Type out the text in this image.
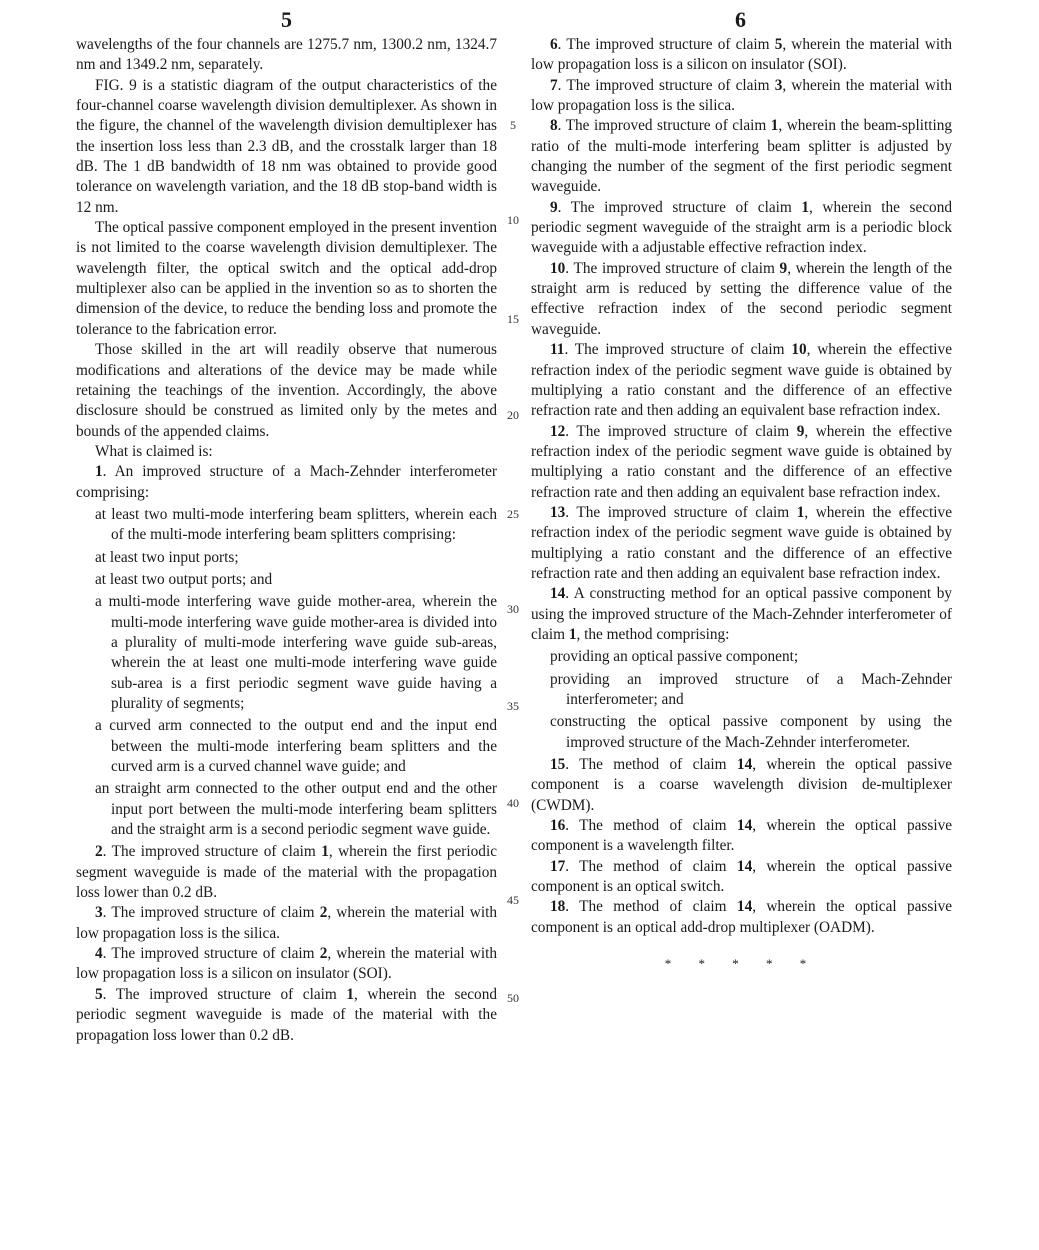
5	6

wavelengths of the four channels are 1275.7 nm, 1300.2 nm, 1324.7 nm and 1349.2 nm, separately.

FIG. 9 is a statistic diagram of the output characteristics of the four-channel coarse wavelength division demultiplexer. As shown in the figure, the channel of the wavelength division demultiplexer has the insertion loss less than 2.3 dB, and the crosstalk larger than 18 dB. The 1 dB bandwidth of 18 nm was obtained to provide good tolerance on wavelength variation, and the 18 dB stop-band width is 12 nm.

The optical passive component employed in the present invention is not limited to the coarse wavelength division demultiplexer. The wavelength filter, the optical switch and the optical add-drop multiplexer also can be applied in the invention so as to shorten the dimension of the device, to reduce the bending loss and promote the tolerance to the fabrication error.

Those skilled in the art will readily observe that numerous modifications and alterations of the device may be made while retaining the teachings of the invention. Accordingly, the above disclosure should be construed as limited only by the metes and bounds of the appended claims.

What is claimed is:

1. An improved structure of a Mach-Zehnder interferometer comprising:

at least two multi-mode interfering beam splitters, wherein each of the multi-mode interfering beam splitters comprising:

at least two input ports;

at least two output ports; and

a multi-mode interfering wave guide mother-area, wherein the multi-mode interfering wave guide mother-area is divided into a plurality of multi-mode interfering wave guide sub-areas, wherein the at least one multi-mode interfering wave guide sub-area is a first periodic segment wave guide having a plurality of segments;

a curved arm connected to the output end and the input end between the multi-mode interfering beam splitters and the curved arm is a curved channel wave guide; and

an straight arm connected to the other output end and the other input port between the multi-mode interfering beam splitters and the straight arm is a second periodic segment wave guide.

2. The improved structure of claim 1, wherein the first periodic segment waveguide is made of the material with the propagation loss lower than 0.2 dB.

3. The improved structure of claim 2, wherein the material with low propagation loss is the silica.

4. The improved structure of claim 2, wherein the material with low propagation loss is a silicon on insulator (SOI).

5. The improved structure of claim 1, wherein the second periodic segment waveguide is made of the material with the propagation loss lower than 0.2 dB.

6. The improved structure of claim 5, wherein the material with low propagation loss is a silicon on insulator (SOI).

7. The improved structure of claim 3, wherein the material with low propagation loss is the silica.

8. The improved structure of claim 1, wherein the beam-splitting ratio of the multi-mode interfering beam splitter is adjusted by changing the number of the segment of the first periodic segment waveguide.

9. The improved structure of claim 1, wherein the second periodic segment waveguide of the straight arm is a periodic block waveguide with a adjustable effective refraction index.

10. The improved structure of claim 9, wherein the length of the straight arm is reduced by setting the difference value of the effective refraction index of the second periodic segment waveguide.

11. The improved structure of claim 10, wherein the effective refraction index of the periodic segment wave guide is obtained by multiplying a ratio constant and the difference of an effective refraction rate and then adding an equivalent base refraction index.

12. The improved structure of claim 9, wherein the effective refraction index of the periodic segment wave guide is obtained by multiplying a ratio constant and the difference of an effective refraction rate and then adding an equivalent base refraction index.

13. The improved structure of claim 1, wherein the effective refraction index of the periodic segment wave guide is obtained by multiplying a ratio constant and the difference of an effective refraction rate and then adding an equivalent base refraction index.

14. A constructing method for an optical passive component by using the improved structure of the Mach-Zehnder interferometer of claim 1, the method comprising:

providing an optical passive component;

providing an improved structure of a Mach-Zehnder interferometer; and

constructing the optical passive component by using the improved structure of the Mach-Zehnder interferometer.

15. The method of claim 14, wherein the optical passive component is a coarse wavelength division de-multiplexer (CWDM).

16. The method of claim 14, wherein the optical passive component is a wavelength filter.

17. The method of claim 14, wherein the optical passive component is an optical switch.

18. The method of claim 14, wherein the optical passive component is an optical add-drop multiplexer (OADM).

* * * * *

5
10
15
20
25
30
35
40
45
50
